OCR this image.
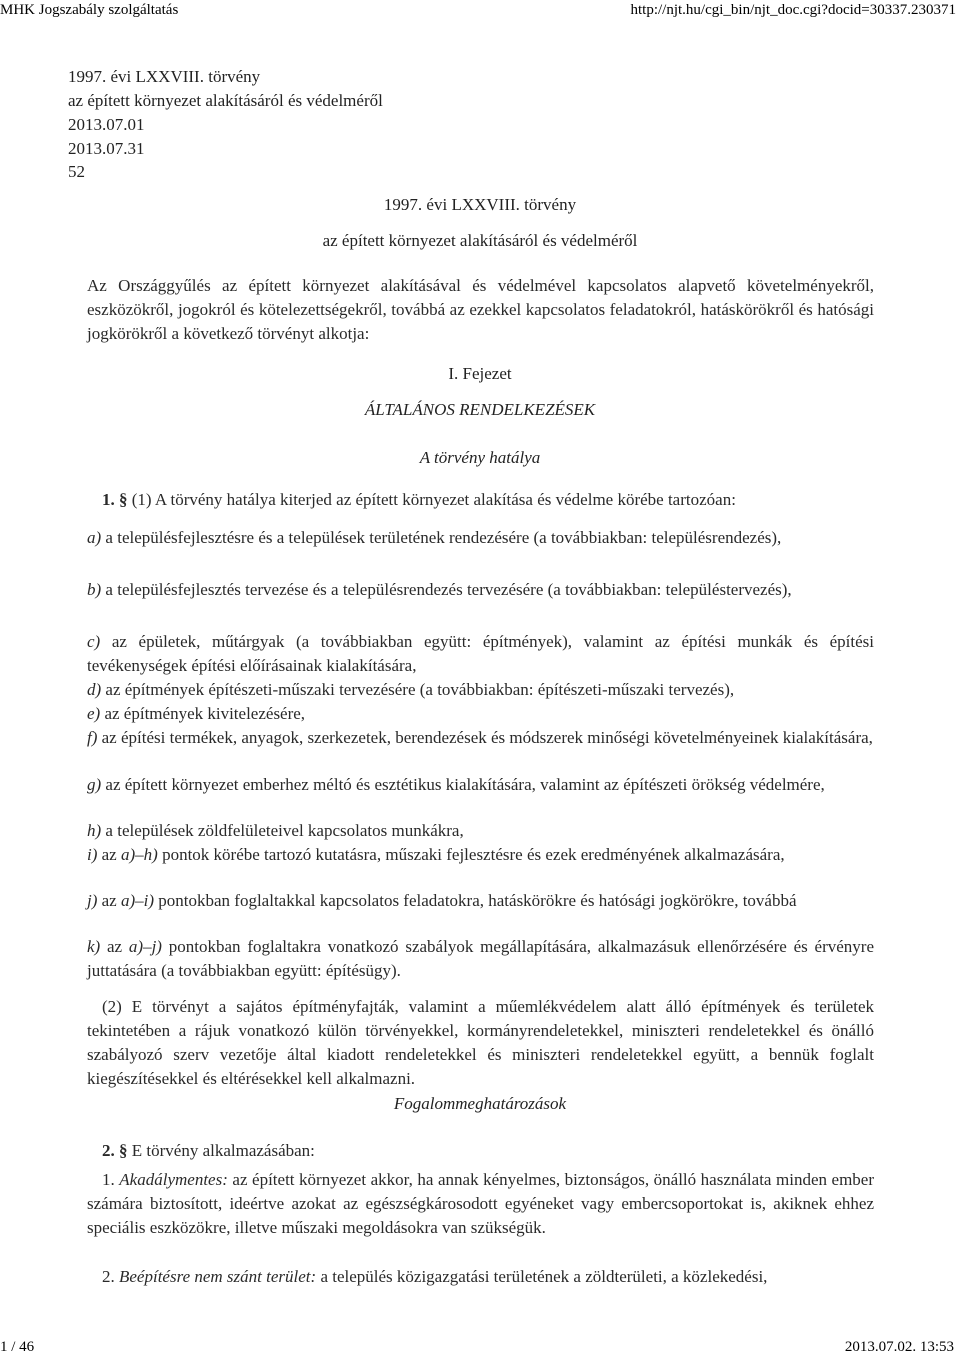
MHK Jogszabály szolgáltatás	http://njt.hu/cgi_bin/njt_doc.cgi?docid=30337.230371
1997. évi LXXVIII. törvény
az épített környezet alakításáról és védelméről
2013.07.01
2013.07.31
52
1997. évi LXXVIII. törvény
az épített környezet alakításáról és védelméről
Az Országgyűlés az épített környezet alakításával és védelmével kapcsolatos alapvető követelményekről, eszközökről, jogokról és kötelezettségekről, továbbá az ezekkel kapcsolatos feladatokról, hatáskörökről és hatósági jogkörökről a következő törvényt alkotja:
I. Fejezet
ÁLTALÁNOS RENDELKEZÉSEK
A törvény hatálya
1. § (1) A törvény hatálya kiterjed az épített környezet alakítása és védelme körébe tartozóan:
a) a településfejlesztésre és a települések területének rendezésére (a továbbiakban: településrendezés),
b) a településfejlesztés tervezése és a településrendezés tervezésére (a továbbiakban: településtervezés),
c) az épületek, műtárgyak (a továbbiakban együtt: építmények), valamint az építési munkák és építési tevékenységek építési előírásainak kialakítására,
d) az építmények építészeti-műszaki tervezésére (a továbbiakban: építészeti-műszaki tervezés),
e) az építmények kivitelezésére,
f) az építési termékek, anyagok, szerkezetek, berendezések és módszerek minőségi követelményeinek kialakítására,
g) az épített környezet emberhez méltó és esztétikus kialakítására, valamint az építészeti örökség védelmére,
h) a települések zöldfelületeivel kapcsolatos munkákra,
i) az a)–h) pontok körébe tartozó kutatásra, műszaki fejlesztésre és ezek eredményének alkalmazására,
j) az a)–i) pontokban foglaltakkal kapcsolatos feladatokra, hatáskörökre és hatósági jogkörökre, továbbá
k) az a)–j) pontokban foglaltakra vonatkozó szabályok megállapítására, alkalmazásuk ellenőrzésére és érvényre juttatására (a továbbiakban együtt: építésügy).
(2) E törvényt a sajátos építményfajták, valamint a műemlékvédelem alatt álló építmények és területek tekintetében a rájuk vonatkozó külön törvényekkel, kormányrendeletekkel, miniszteri rendeletekkel és önálló szabályozó szerv vezetője által kiadott rendeletekkel és miniszteri rendeletekkel együtt, a bennük foglalt kiegészítésekkel és eltérésekkel kell alkalmazni.
Fogalommeghatározások
2. § E törvény alkalmazásában:
1. Akadálymentes: az épített környezet akkor, ha annak kényelmes, biztonságos, önálló használata minden ember számára biztosított, ideértve azokat az egészségkárosodott egyéneket vagy embercsoportokat is, akiknek ehhez speciális eszközökre, illetve műszaki megoldásokra van szükségük.
2. Beépítésre nem szánt terület: a település közigazgatási területének a zöldterületi, a közlekedési,
1 / 46	2013.07.02. 13:53
